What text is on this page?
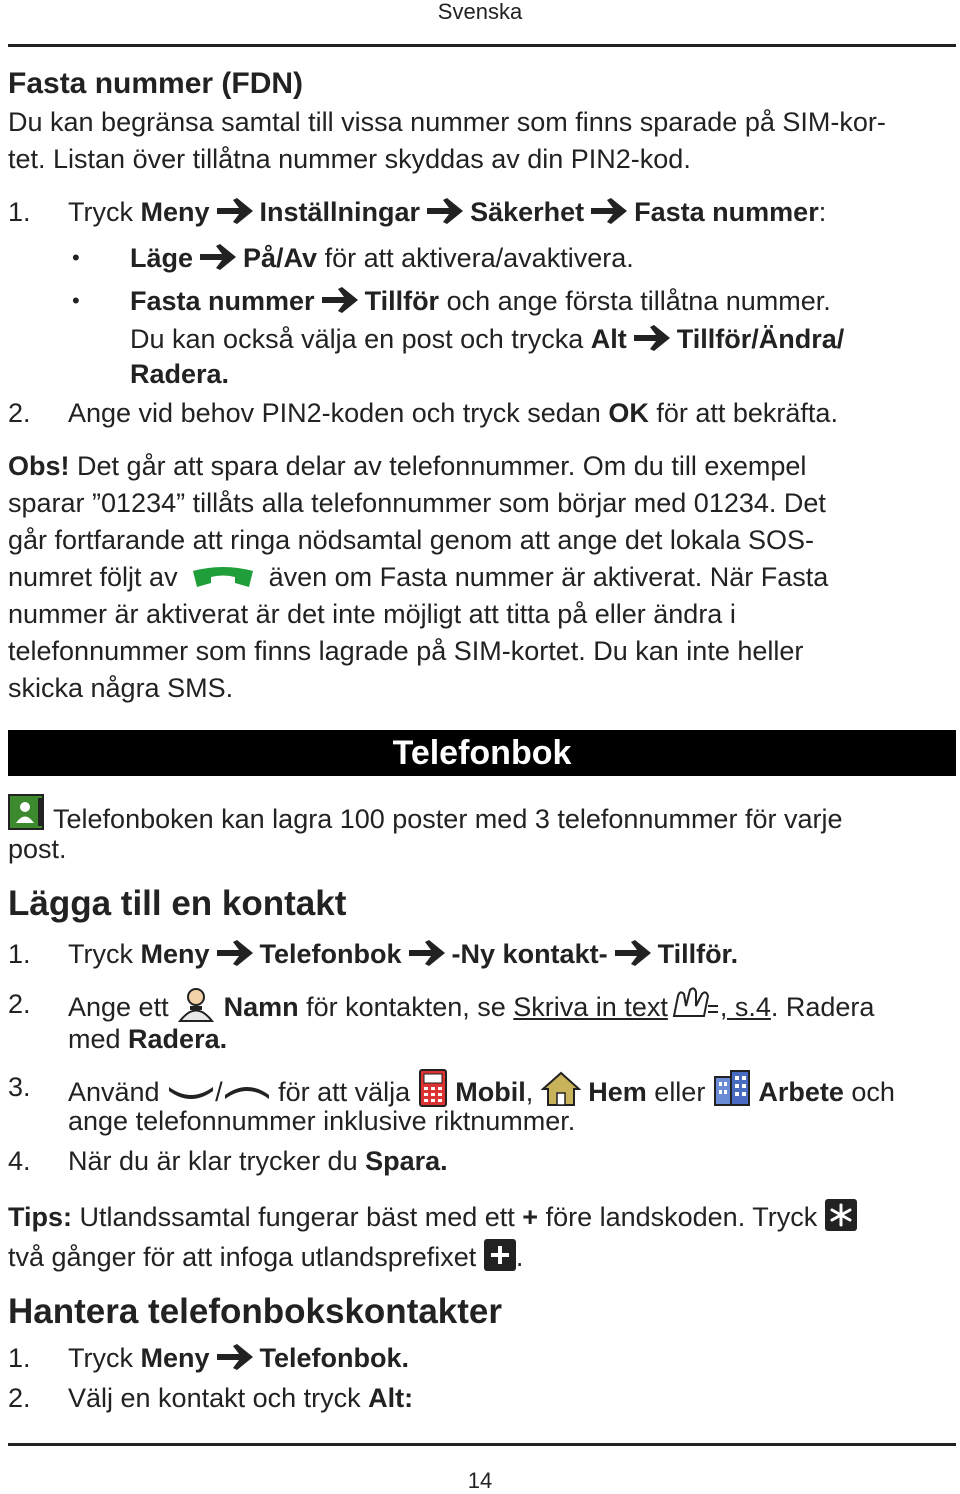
Svenska
Fasta nummer (FDN)
Du kan begränsa samtal till vissa nummer som finns sparade på SIM-kor-
tet. Listan över tillåtna nummer skyddas av din PIN2-kod.
1. Tryck Meny Inställningar Säkerhet Fasta nummer:
• Läge På/Av för att aktivera/avaktivera.
• Fasta nummer Tillför och ange första tillåtna nummer.
Du kan också välja en post och trycka Alt Tillför/Ändra/
Radera.
2. Ange vid behov PIN2-koden och tryck sedan OK för att bekräfta.
Obs! Det går att spara delar av telefonnummer. Om du till exempel
sparar ”01234” tillåts alla telefonnummer som börjar med 01234. Det
går fortfarande att ringa nödsamtal genom att ange det lokala SOS-
numret följt av	även om Fasta nummer är aktiverat. När Fasta
nummer är aktiverat är det inte möjligt att titta på eller ändra i
telefonnummer som finns lagrade på SIM-kortet. Du kan inte heller
skicka några SMS.
Telefonbok
Telefonboken kan lagra 100 poster med 3 telefonnummer för varje
post.
Lägga till en kontakt
1. Tryck Meny Telefonbok -Ny kontakt- Tillför.
2. Ange ett Namn för kontakten, se Skriva in text , s.4. Radera
med Radera.
3. Använd / för att välja Mobil, Hem eller Arbete och
ange telefonnummer inklusive riktnummer.
4. När du är klar trycker du Spara.
Tips: Utlandssamtal fungerar bäst med ett + före landskoden. Tryck
två gånger för att infoga utlandsprefixet .
Hantera telefonbokskontakter
1. Tryck Meny Telefonbok.
2. Välj en kontakt och tryck Alt:
14
